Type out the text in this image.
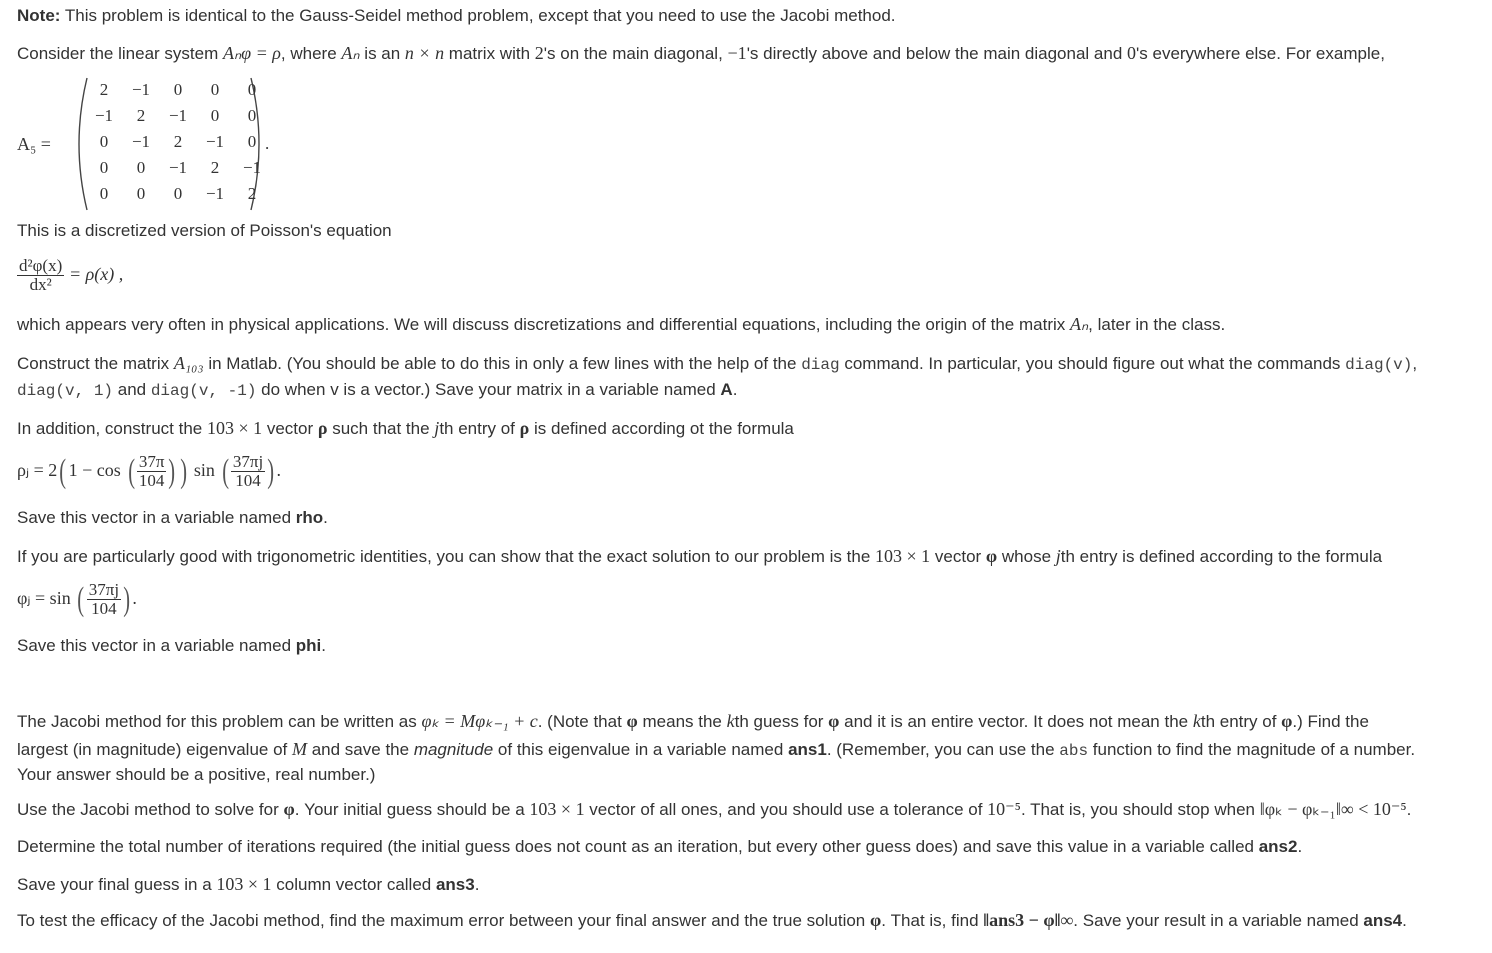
Note: This problem is identical to the Gauss-Seidel method problem, except that you need to use the Jacobi method.
Consider the linear system Aₙφ = ρ, where Aₙ is an n × n matrix with 2's on the main diagonal, −1's directly above and below the main diagonal and 0's everywhere else. For example,
A₅ =
2	−1	0	0	0
−1	2	−1	0	0
0	−1	2	−1	0
0	0	−1	2	−1
0	0	0	−1	2
.
This is a discretized version of Poisson's equation
$\frac{\text{d²φ(x)}}{\text{dx²}} = \rho(x)$ ,
which appears very often in physical applications. We will discuss discretizations and differential equations, including the origin of the matrix Aₙ, later in the class.
Construct the matrix A₁₀₃ in Matlab. (You should be able to do this in only a few lines with the help of the diag command. In particular, you should figure out what the commands diag(v),
diag(v, 1) and diag(v, -1) do when v is a vector.) Save your matrix in a variable named A.
In addition, construct the 103 × 1 vector ρ such that the jth entry of ρ is defined according ot the formula
ρⱼ = 2( 1 − cos ( $\frac{37\pi}{104}$ ) ) sin ( $\frac{37\pi j}{104}$ ) .
Save this vector in a variable named rho.
If you are particularly good with trigonometric identities, you can show that the exact solution to our problem is the 103 × 1 vector φ whose jth entry is defined according to the formula
φⱼ = sin ( $\frac{37\pi j}{104}$ ) .
Save this vector in a variable named phi.
The Jacobi method for this problem can be written as φₖ = Mφₖ₋₁ + c. (Note that φ means the kth guess for φ and it is an entire vector. It does not mean the kth entry of φ.) Find the
largest (in magnitude) eigenvalue of M and save the magnitude of this eigenvalue in a variable named ans1. (Remember, you can use the abs function to find the magnitude of a number.
Your answer should be a positive, real number.)
Use the Jacobi method to solve for φ. Your initial guess should be a 103 × 1 vector of all ones, and you should use a tolerance of 10⁻⁵. That is, you should stop when ‖φₖ − φₖ₋₁‖∞ < 10⁻⁵.
Determine the total number of iterations required (the initial guess does not count as an iteration, but every other guess does) and save this value in a variable called ans2.
Save your final guess in a 103 × 1 column vector called ans3.
To test the efficacy of the Jacobi method, find the maximum error between your final answer and the true solution φ. That is, find ‖ans3 − φ‖∞. Save your result in a variable named ans4.
